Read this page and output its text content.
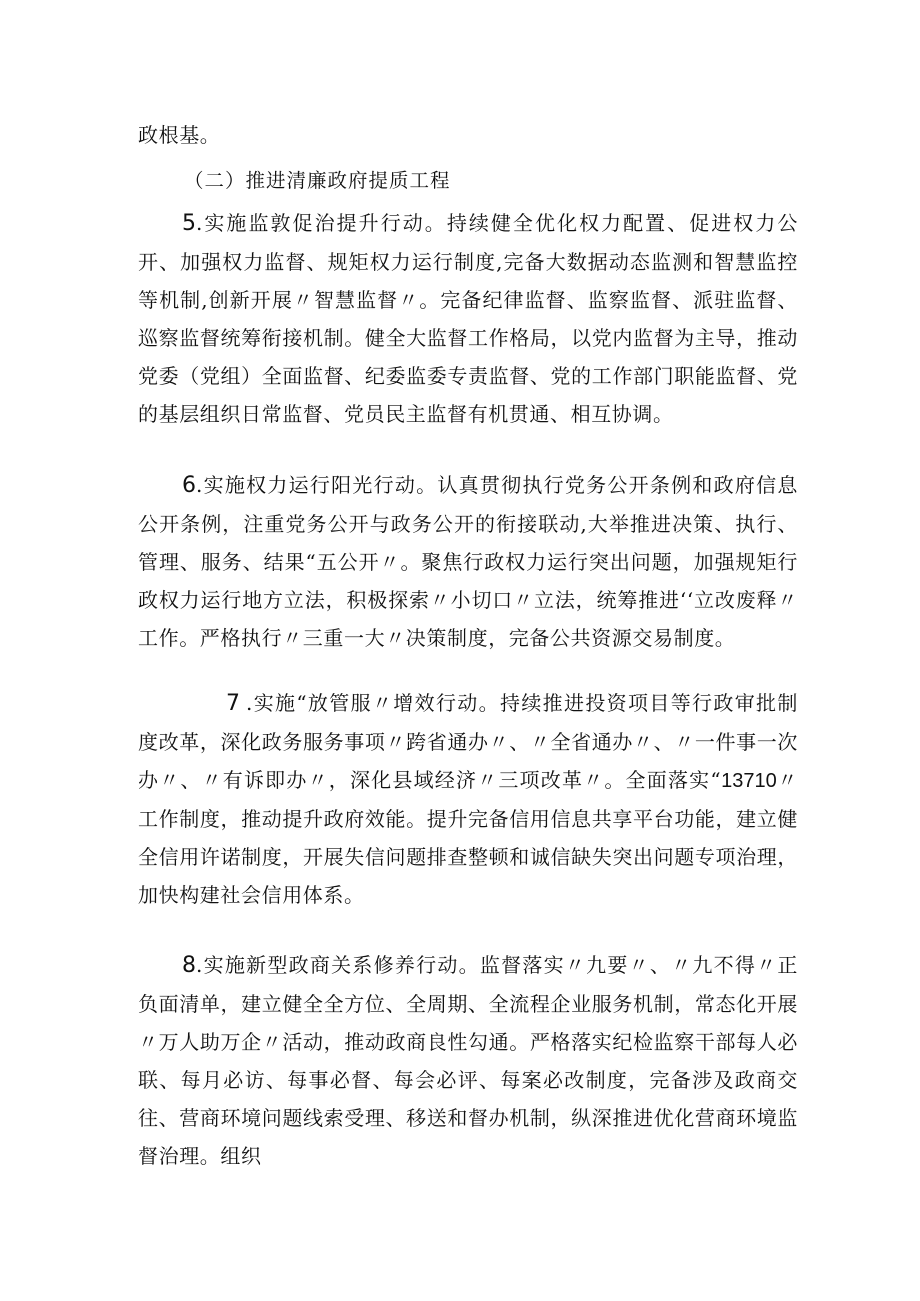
政根基。

（二）推进清廉政府提质工程

5.实施监敦促治提升行动。持续健全优化权力配置、促进权力公开、加强权力监督、规矩权力运行制度,完备大数据动态监测和智慧监控等机制,创新开展〃智慧监督〃。完备纪律监督、监察监督、派驻监督、巡察监督统筹衔接机制。健全大监督工作格局，以党内监督为主导，推动党委（党组）全面监督、纪委监委专责监督、党的工作部门职能监督、党的基层组织日常监督、党员民主监督有机贯通、相互协调。

6.实施权力运行阳光行动。认真贯彻执行党务公开条例和政府信息公开条例，注重党务公开与政务公开的衔接联动,大举推进决策、执行、管理、服务、结果“五公开〃。聚焦行政权力运行突出问题，加强规矩行政权力运行地方立法，积极探索〃小切口〃立法，统筹推进‘‘立改废释〃工作。严格执行〃三重一大〃决策制度，完备公共资源交易制度。

7 .实施“放管服〃增效行动。持续推进投资项目等行政审批制度改革，深化政务服务事项〃跨省通办〃、〃全省通办〃、〃一件事一次办〃、〃有诉即办〃，深化县域经济〃三项改革〃。全面落实“13710〃工作制度，推动提升政府效能。提升完备信用信息共享平台功能，建立健全信用许诺制度，开展失信问题排查整顿和诚信缺失突出问题专项治理，加快构建社会信用体系。

8.实施新型政商关系修养行动。监督落实〃九要〃、〃九不得〃正负面清单，建立健全全方位、全周期、全流程企业服务机制，常态化开展〃万人助万企〃活动，推动政商良性勾通。严格落实纪检监察干部每人必联、每月必访、每事必督、每会必评、每案必改制度，完备涉及政商交往、营商环境问题线索受理、移送和督办机制，纵深推进优化营商环境监督治理。组织
